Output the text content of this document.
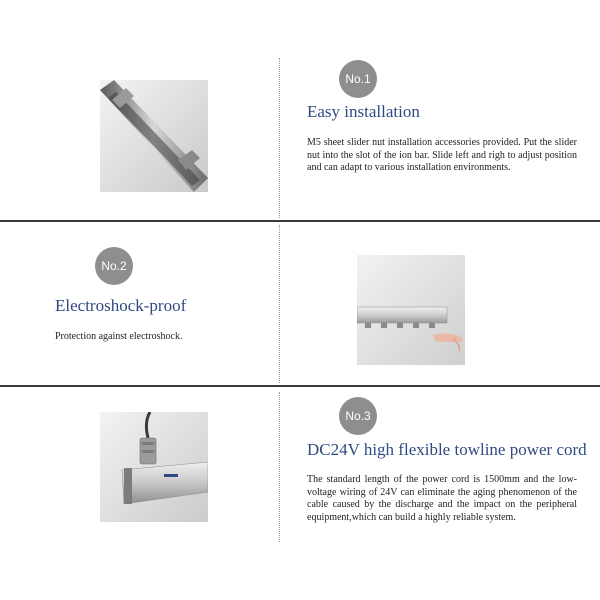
No.1
Easy installation
M5 sheet slider nut installation accessories provided. Put the slider nut into the slot of the ion bar. Slide left and righ to adjust position and can adapt to various installation environments.
No.2
Electroshock-proof
Protection against electroshock.
No.3
DC24V high flexible towline power cord
The standard length of the power cord is 1500mm and the low-voltage wiring of 24V can eliminate the aging phenomenon of the cable caused by the discharge and the impact on the peripheral equipment,which can build a highly reliable system.
